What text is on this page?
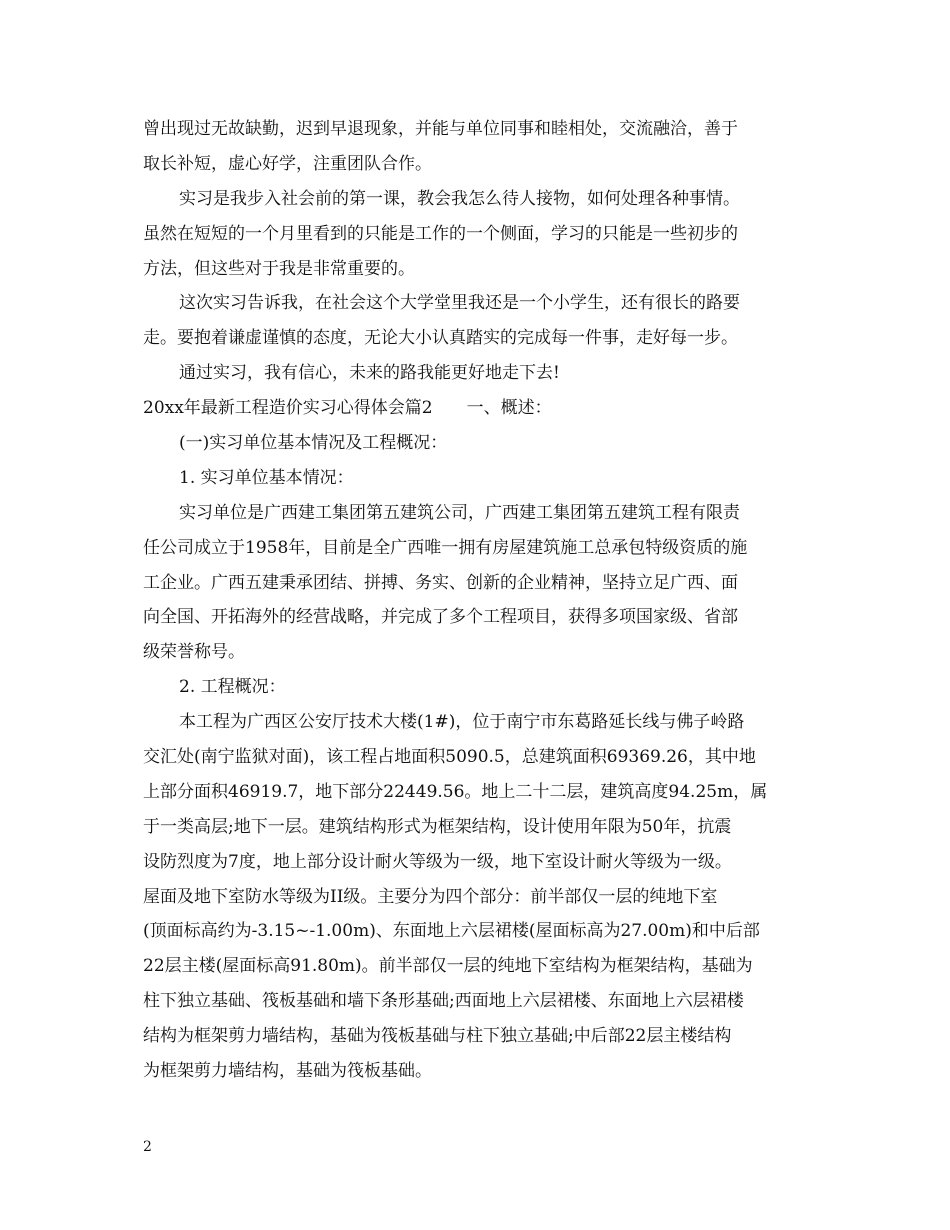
曾出现过无故缺勤，迟到早退现象，并能与单位同事和睦相处，交流融洽，善于
取长补短，虚心好学，注重团队合作。
实习是我步入社会前的第一课，教会我怎么待人接物，如何处理各种事情。
虽然在短短的一个月里看到的只能是工作的一个侧面，学习的只能是一些初步的
方法，但这些对于我是非常重要的。
这次实习告诉我，在社会这个大学堂里我还是一个小学生，还有很长的路要
走。要抱着谦虚谨慎的态度，无论大小认真踏实的完成每一件事，走好每一步。
通过实习，我有信心，未来的路我能更好地走下去!
20xx年最新工程造价实习心得体会篇2　　一、概述：
(一)实习单位基本情况及工程概况：
1. 实习单位基本情况：
实习单位是广西建工集团第五建筑公司，广西建工集团第五建筑工程有限责
任公司成立于1958年，目前是全广西唯一拥有房屋建筑施工总承包特级资质的施
工企业。广西五建秉承团结、拼搏、务实、创新的企业精神，坚持立足广西、面
向全国、开拓海外的经营战略，并完成了多个工程项目，获得多项国家级、省部
级荣誉称号。
2. 工程概况：
本工程为广西区公安厅技术大楼(1#)，位于南宁市东葛路延长线与佛子岭路
交汇处(南宁监狱对面)，该工程占地面积5090.5，总建筑面积69369.26，其中地
上部分面积46919.7，地下部分22449.56。地上二十二层，建筑高度94.25m，属
于一类高层;地下一层。建筑结构形式为框架结构，设计使用年限为50年，抗震
设防烈度为7度，地上部分设计耐火等级为一级，地下室设计耐火等级为一级。
屋面及地下室防水等级为II级。主要分为四个部分：前半部仅一层的纯地下室
(顶面标高约为-3.15~-1.00m)、东面地上六层裙楼(屋面标高为27.00m)和中后部
22层主楼(屋面标高91.80m)。前半部仅一层的纯地下室结构为框架结构，基础为
柱下独立基础、筏板基础和墙下条形基础;西面地上六层裙楼、东面地上六层裙楼
结构为框架剪力墙结构，基础为筏板基础与柱下独立基础;中后部22层主楼结构
为框架剪力墙结构，基础为筏板基础。
2
